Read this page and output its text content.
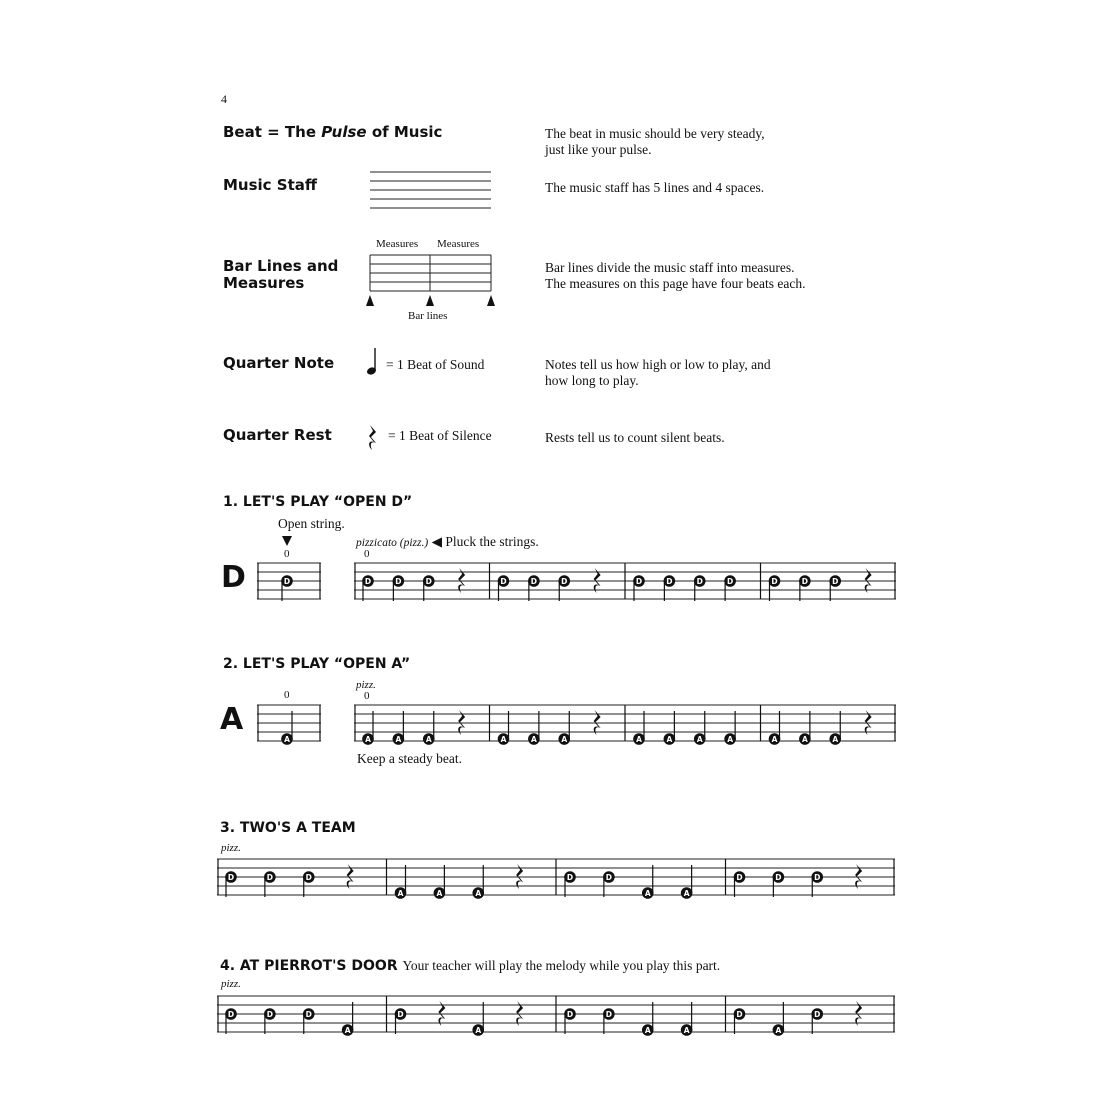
4
Beat = The Pulse of Music	The beat in music should be very steady,
just like your pulse.
Music Staff	The music staff has 5 lines and 4 spaces.
Bar Lines and
Measures
Measures Measures
Bar lines
Bar lines divide the music staff into measures.
The measures on this page have four beats each.
Quarter Note	= 1 Beat of Sound	Notes tell us how high or low to play, and
how long to play.
Quarter Rest	= 1 Beat of Silence	Rests tell us to count silent beats.
1. LET'S PLAY “OPEN D”
Open string.
0
pizzicato (pizz.) ◀ Pluck the strings.
0
D	D	D	D	D	D	D	D	D	D	D	D	D	D	D
2. LET'S PLAY “OPEN A”
0
pizz.
0
A
A	A	A	A	A	A	A	A	A	A	A	A	A	A
Keep a steady beat.
3. TWO'S A TEAM
pizz.
D	D	D
A	A	A
D	D
A	A
D	D	D
4. AT PIERROT'S DOOR Your teacher will play the melody while you play this part.
pizz.
D	D	D
A
D
A
D	D
A	A
D
A
D
